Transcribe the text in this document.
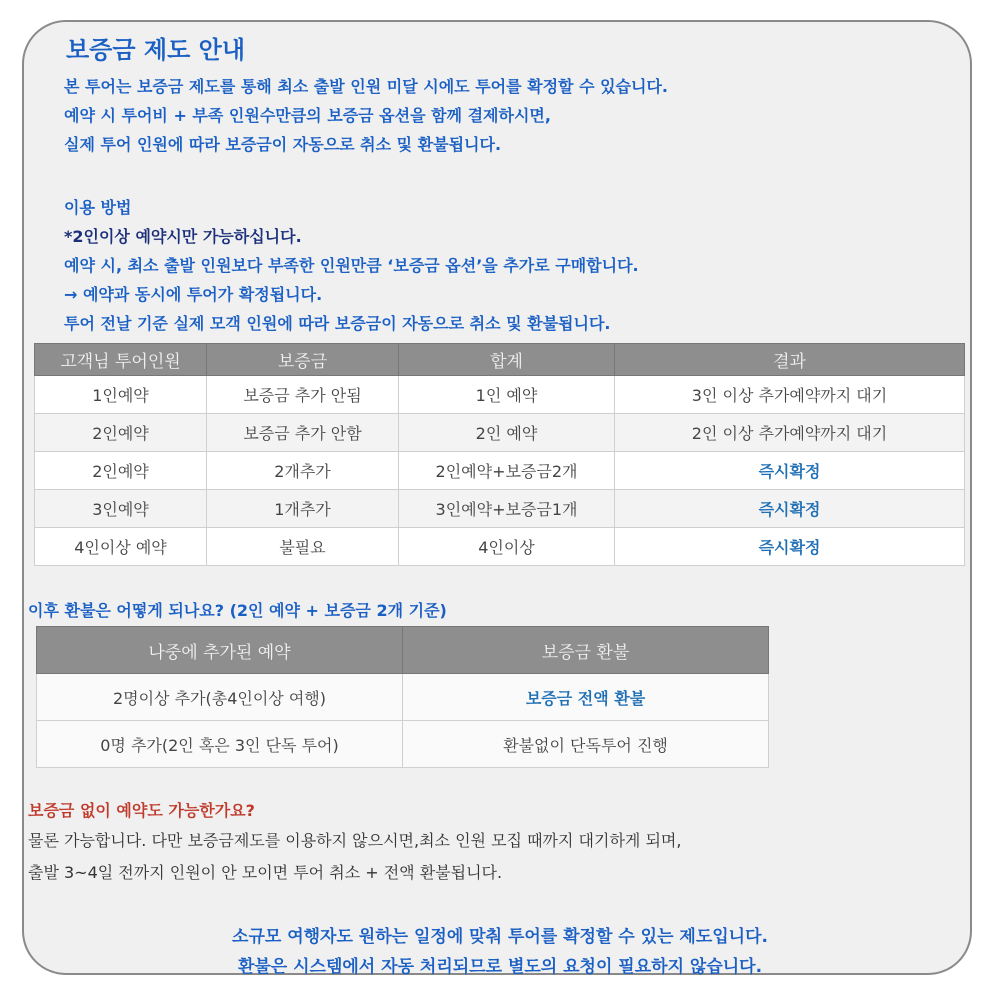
보증금 제도 안내
본 투어는 보증금 제도를 통해 최소 출발 인원 미달 시에도 투어를 확정할 수 있습니다.
예약 시 투어비 + 부족 인원수만큼의 보증금 옵션을 함께 결제하시면,
실제 투어 인원에 따라 보증금이 자동으로 취소 및 환불됩니다.
이용 방법
*2인이상 예약시만 가능하십니다.
예약 시, 최소 출발 인원보다 부족한 인원만큼 ‘보증금 옵션’을 추가로 구매합니다.
→ 예약과 동시에 투어가 확정됩니다.
투어 전날 기준 실제 모객 인원에 따라 보증금이 자동으로 취소 및 환불됩니다.
고객님 투어인원	보증금	합계	결과
1인예약	보증금 추가 안됨	1인 예약	3인 이상 추가예약까지 대기
2인예약	보증금 추가 안함	2인 예약	2인 이상 추가예약까지 대기
2인예약	2개추가	2인예약+보증금2개	즉시확정
3인예약	1개추가	3인예약+보증금1개	즉시확정
4인이상 예약	불필요	4인이상	즉시확정
이후 환불은 어떻게 되나요? (2인 예약 + 보증금 2개 기준)
나중에 추가된 예약	보증금 환불
2명이상 추가(총4인이상 여행)	보증금 전액 환불
0명 추가(2인 혹은 3인 단독 투어)	환불없이 단독투어 진행
보증금 없이 예약도 가능한가요?
물론 가능합니다. 다만 보증금제도를 이용하지 않으시면,최소 인원 모집 때까지 대기하게 되며,
출발 3~4일 전까지 인원이 안 모이면 투어 취소 + 전액 환불됩니다.
소규모 여행자도 원하는 일정에 맞춰 투어를 확정할 수 있는 제도입니다.
환불은 시스템에서 자동 처리되므로 별도의 요청이 필요하지 않습니다.
